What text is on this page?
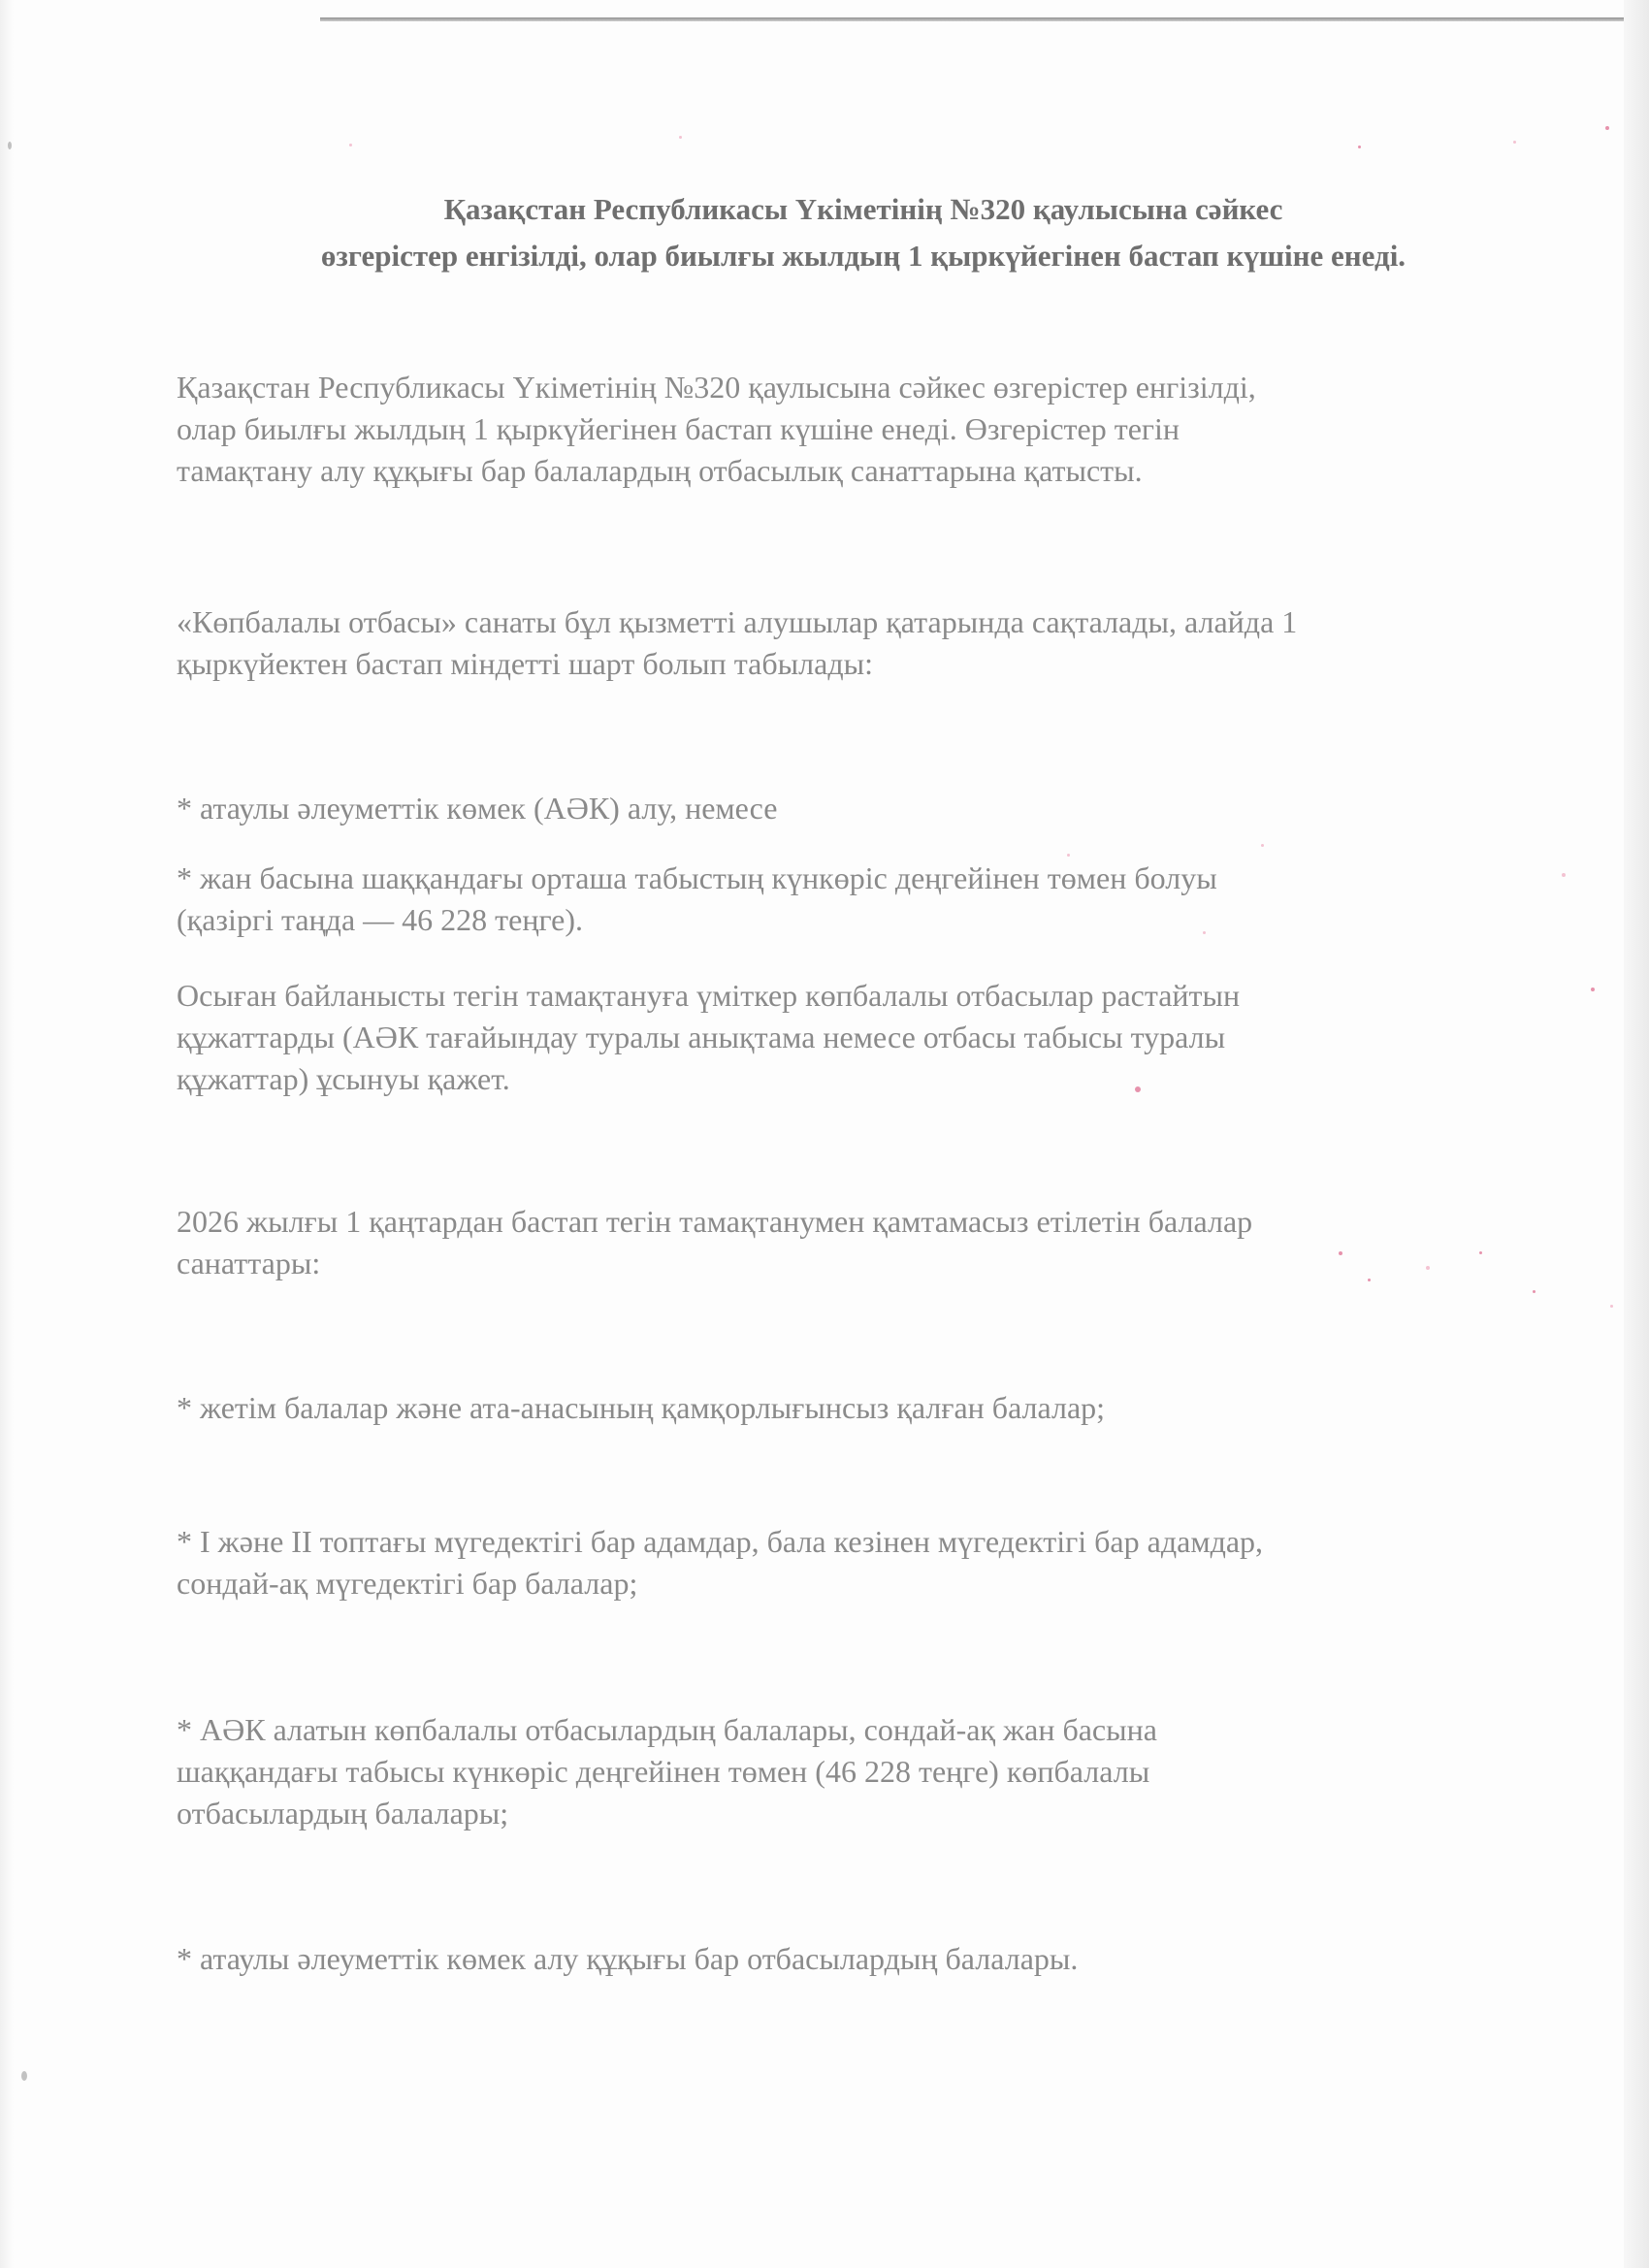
Қазақстан Республикасы Үкіметінің №320 қаулысына сәйкес
өзгерістер енгізілді, олар биылғы жылдың 1 қыркүйегінен бастап күшіне енеді.

Қазақстан Республикасы Үкіметінің №320 қаулысына сәйкес өзгерістер енгізілді,
олар биылғы жылдың 1 қыркүйегінен бастап күшіне енеді. Өзгерістер тегін
тамақтану алу құқығы бар балалардың отбасылық санаттарына қатысты.

«Көпбалалы отбасы» санаты бұл қызметті алушылар қатарында сақталады, алайда 1
қыркүйектен бастап міндетті шарт болып табылады:

* атаулы әлеуметтік көмек (АӘК) алу, немесе

* жан басына шаққандағы орташа табыстың күнкөріс деңгейінен төмен болуы
(қазіргі таңда — 46 228 теңге).

Осыған байланысты тегін тамақтануға үміткер көпбалалы отбасылар растайтын
құжаттарды (АӘК тағайындау туралы анықтама немесе отбасы табысы туралы
құжаттар) ұсынуы қажет.

2026 жылғы 1 қаңтардан бастап тегін тамақтанумен қамтамасыз етілетін балалар
санаттары:

* жетім балалар және ата-анасының қамқорлығынсыз қалған балалар;

* I және II топтағы мүгедектігі бар адамдар, бала кезінен мүгедектігі бар адамдар,
сондай-ақ мүгедектігі бар балалар;

* АӘК алатын көпбалалы отбасылардың балалары, сондай-ақ жан басына
шаққандағы табысы күнкөріс деңгейінен төмен (46 228 теңге) көпбалалы
отбасылардың балалары;

* атаулы әлеуметтік көмек алу құқығы бар отбасылардың балалары.
